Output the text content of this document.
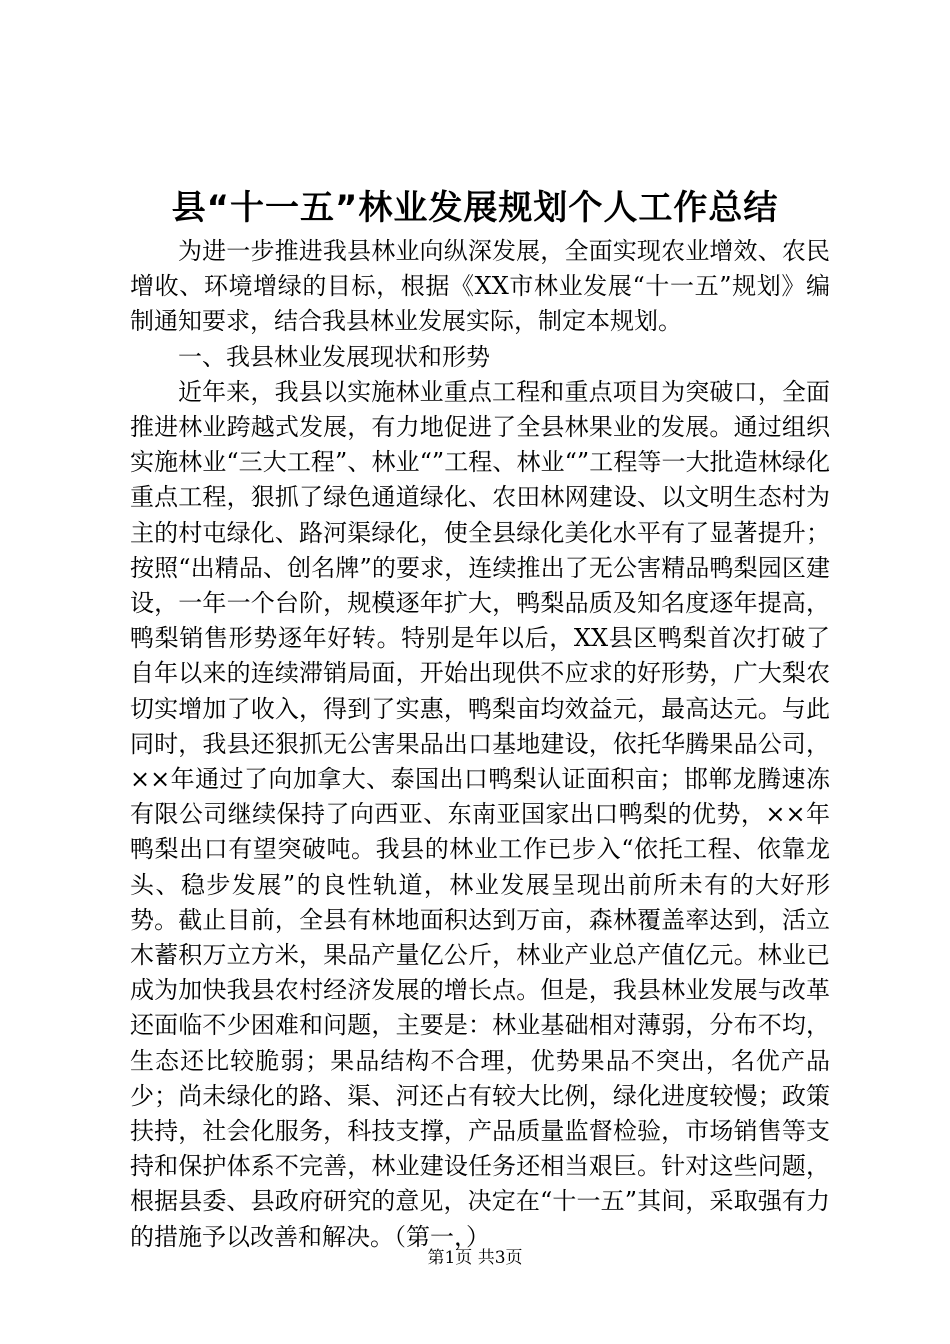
县“十一五”林业发展规划个人工作总结

为进一步推进我县林业向纵深发展，全面实现农业增效、农民增收、环境增绿的目标，根据《XX市林业发展“十一五”规划》编制通知要求，结合我县林业发展实际，制定本规划。

一、我县林业发展现状和形势

近年来，我县以实施林业重点工程和重点项目为突破口，全面推进林业跨越式发展，有力地促进了全县林果业的发展。通过组织实施林业“三大工程”、林业“”工程、林业“”工程等一大批造林绿化重点工程，狠抓了绿色通道绿化、农田林网建设、以文明生态村为主的村屯绿化、路河渠绿化，使全县绿化美化水平有了显著提升；按照“出精品、创名牌”的要求，连续推出了无公害精品鸭梨园区建设，一年一个台阶，规模逐年扩大，鸭梨品质及知名度逐年提高，鸭梨销售形势逐年好转。特别是年以后，XX县区鸭梨首次打破了自年以来的连续滞销局面，开始出现供不应求的好形势，广大梨农切实增加了收入，得到了实惠，鸭梨亩均效益元，最高达元。与此同时，我县还狠抓无公害果品出口基地建设，依托华腾果品公司，××年通过了向加拿大、泰国出口鸭梨认证面积亩；邯郸龙腾速冻有限公司继续保持了向西亚、东南亚国家出口鸭梨的优势，××年鸭梨出口有望突破吨。我县的林业工作已步入“依托工程、依靠龙头、稳步发展”的良性轨道，林业发展呈现出前所未有的大好形势。截止目前，全县有林地面积达到万亩，森林覆盖率达到，活立木蓄积万立方米，果品产量亿公斤，林业产业总产值亿元。林业已成为加快我县农村经济发展的增长点。但是，我县林业发展与改革还面临不少困难和问题，主要是：林业基础相对薄弱，分布不均，生态还比较脆弱；果品结构不合理，优势果品不突出，名优产品少；尚未绿化的路、渠、河还占有较大比例，绿化进度较慢；政策扶持，社会化服务，科技支撑，产品质量监督检验，市场销售等支持和保护体系不完善，林业建设任务还相当艰巨。针对这些问题，根据县委、县政府研究的意见，决定在“十一五”其间，采取强有力的措施予以改善和解决。（第一，）

第1页 共3页
